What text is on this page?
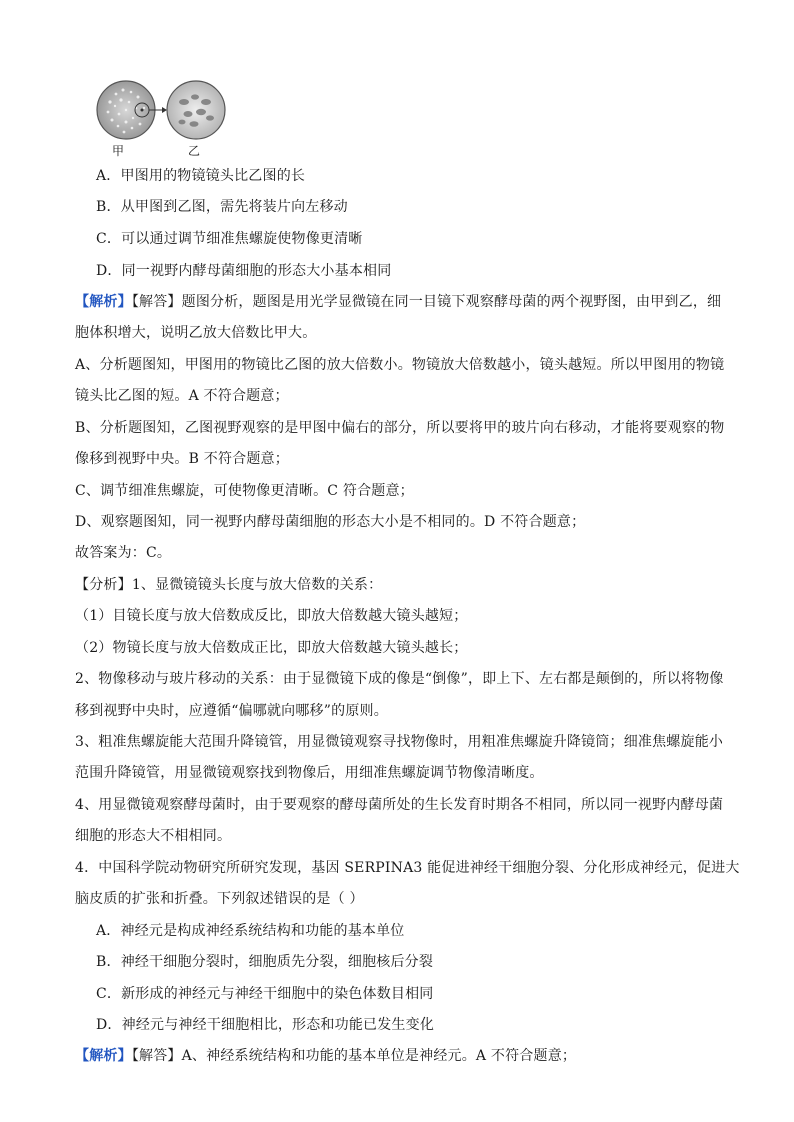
甲	乙
A．甲图用的物镜镜头比乙图的长
B．从甲图到乙图，需先将装片向左移动
C．可以通过调节细准焦螺旋使物像更清晰
D．同一视野内酵母菌细胞的形态大小基本相同
【解析】【解答】题图分析，题图是用光学显微镜在同一目镜下观察酵母菌的两个视野图，由甲到乙，细
胞体积增大，说明乙放大倍数比甲大。
A、分析题图知，甲图用的物镜比乙图的放大倍数小。物镜放大倍数越小，镜头越短。所以甲图用的物镜
镜头比乙图的短。A 不符合题意；
B、分析题图知，乙图视野观察的是甲图中偏右的部分，所以要将甲的玻片向右移动，才能将要观察的物
像移到视野中央。B 不符合题意；
C、调节细准焦螺旋，可使物像更清晰。C 符合题意；
D、观察题图知，同一视野内酵母菌细胞的形态大小是不相同的。D 不符合题意；
故答案为：C。
【分析】1、显微镜镜头长度与放大倍数的关系：
（1）目镜长度与放大倍数成反比，即放大倍数越大镜头越短；
（2）物镜长度与放大倍数成正比，即放大倍数越大镜头越长；
2、物像移动与玻片移动的关系：由于显微镜下成的像是“倒像”，即上下、左右都是颠倒的，所以将物像
移到视野中央时，应遵循“偏哪就向哪移”的原则。
3、粗准焦螺旋能大范围升降镜管，用显微镜观察寻找物像时，用粗准焦螺旋升降镜筒；细准焦螺旋能小
范围升降镜管，用显微镜观察找到物像后，用细准焦螺旋调节物像清晰度。
4、用显微镜观察酵母菌时，由于要观察的酵母菌所处的生长发育时期各不相同，所以同一视野内酵母菌
细胞的形态大不相相同。
4．中国科学院动物研究所研究发现，基因 SERPINA3 能促进神经干细胞分裂、分化形成神经元，促进大
脑皮质的扩张和折叠。下列叙述错误的是（ ）
A．神经元是构成神经系统结构和功能的基本单位
B．神经干细胞分裂时，细胞质先分裂，细胞核后分裂
C．新形成的神经元与神经干细胞中的染色体数目相同
D．神经元与神经干细胞相比，形态和功能已发生变化
【解析】【解答】A、神经系统结构和功能的基本单位是神经元。A 不符合题意；
